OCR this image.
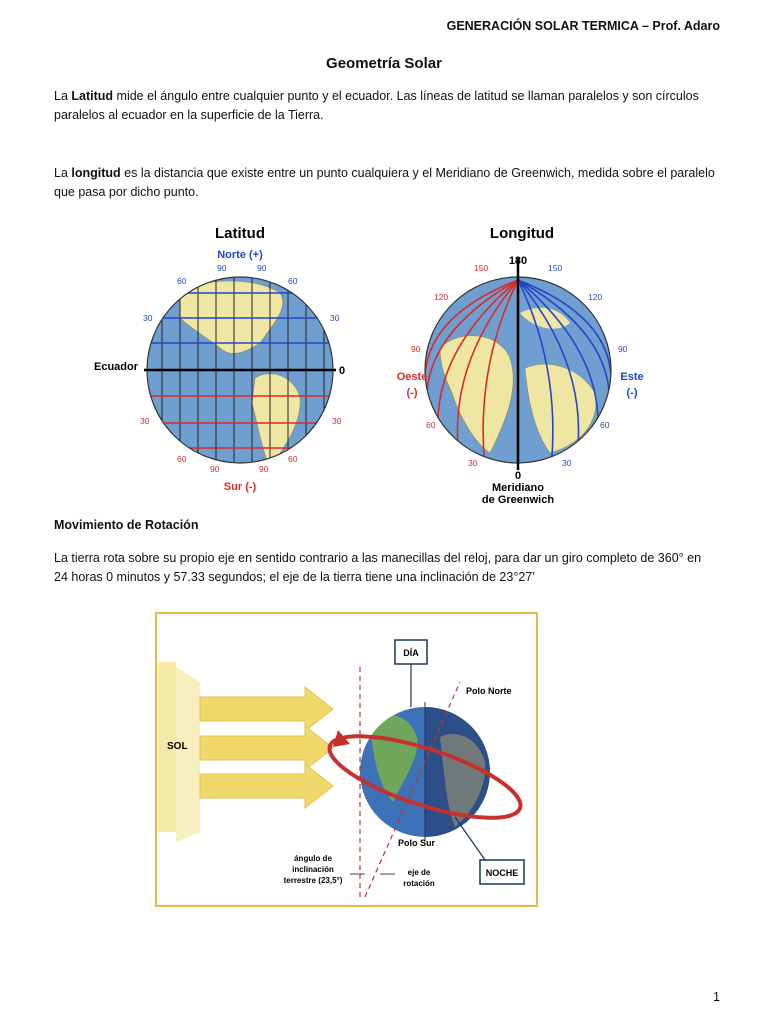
GENERACIÓN SOLAR TERMICA – Prof. Adaro
Geometría Solar
La Latitud mide el ángulo entre cualquier punto y el ecuador. Las líneas de latitud se llaman paralelos y son círculos paralelos al ecuador en la superficie de la Tierra.
La longitud es la distancia que existe entre un punto cualquiera y el Meridiano de Greenwich, medida sobre el paralelo que pasa por dicho punto.
Latitud
Norte (+)
Sur (-)
Ecuador	0
90	90
60	60
30	30
30	30
60	60
90	90
Longitud
180
Oeste
(-)
Este
(-)
0
Meridiano
de Greenwich
150
120
90
60
30
150
120
90
60
30
Movimiento de Rotación
La tierra rota sobre su propio eje en sentido contrario a las manecillas del reloj, para dar un giro completo de 360° en 24 horas 0 minutos y 57.33 segundos; el eje de la tierra tiene una inclinación de 23°27’
SOL
DÍA
NOCHE
Polo Norte
Polo Sur
ángulo de
inclinación
terrestre (23,5°)
eje de
rotación
1
